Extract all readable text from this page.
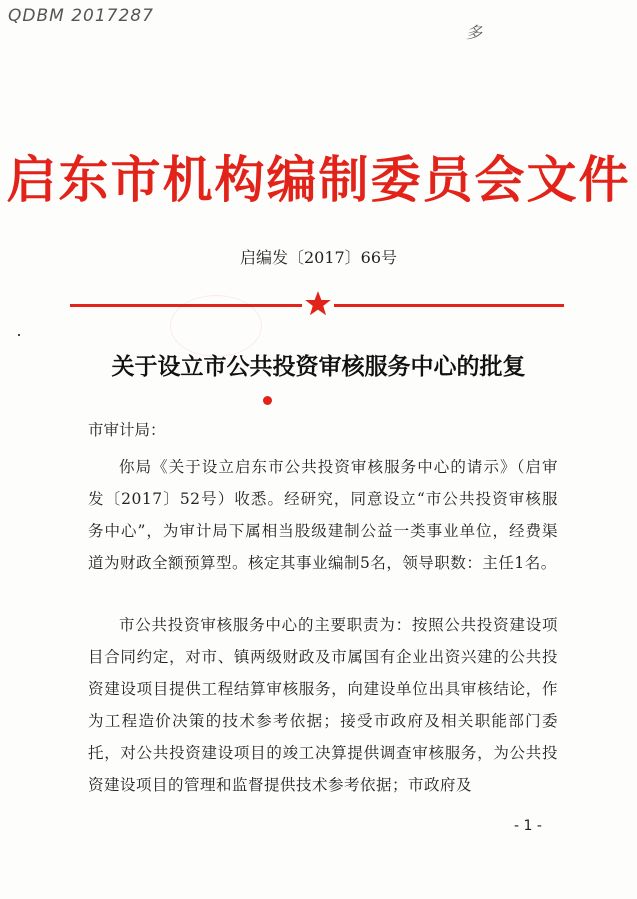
QDBM 2017287
多
启东市机构编制委员会文件
启编发〔2017〕66号
关于设立市公共投资审核服务中心的批复
市审计局：
你局《关于设立启东市公共投资审核服务中心的请示》（启审发〔2017〕52号）收悉。经研究，同意设立“市公共投资审核服务中心”，为审计局下属相当股级建制公益一类事业单位，经费渠道为财政全额预算型。核定其事业编制5名，领导职数：主任1名。
市公共投资审核服务中心的主要职责为：按照公共投资建设项目合同约定，对市、镇两级财政及市属国有企业出资兴建的公共投资建设项目提供工程结算审核服务，向建设单位出具审核结论，作为工程造价决策的技术参考依据；接受市政府及相关职能部门委托，对公共投资建设项目的竣工决算提供调查审核服务，为公共投资建设项目的管理和监督提供技术参考依据；市政府及
- 1 -
